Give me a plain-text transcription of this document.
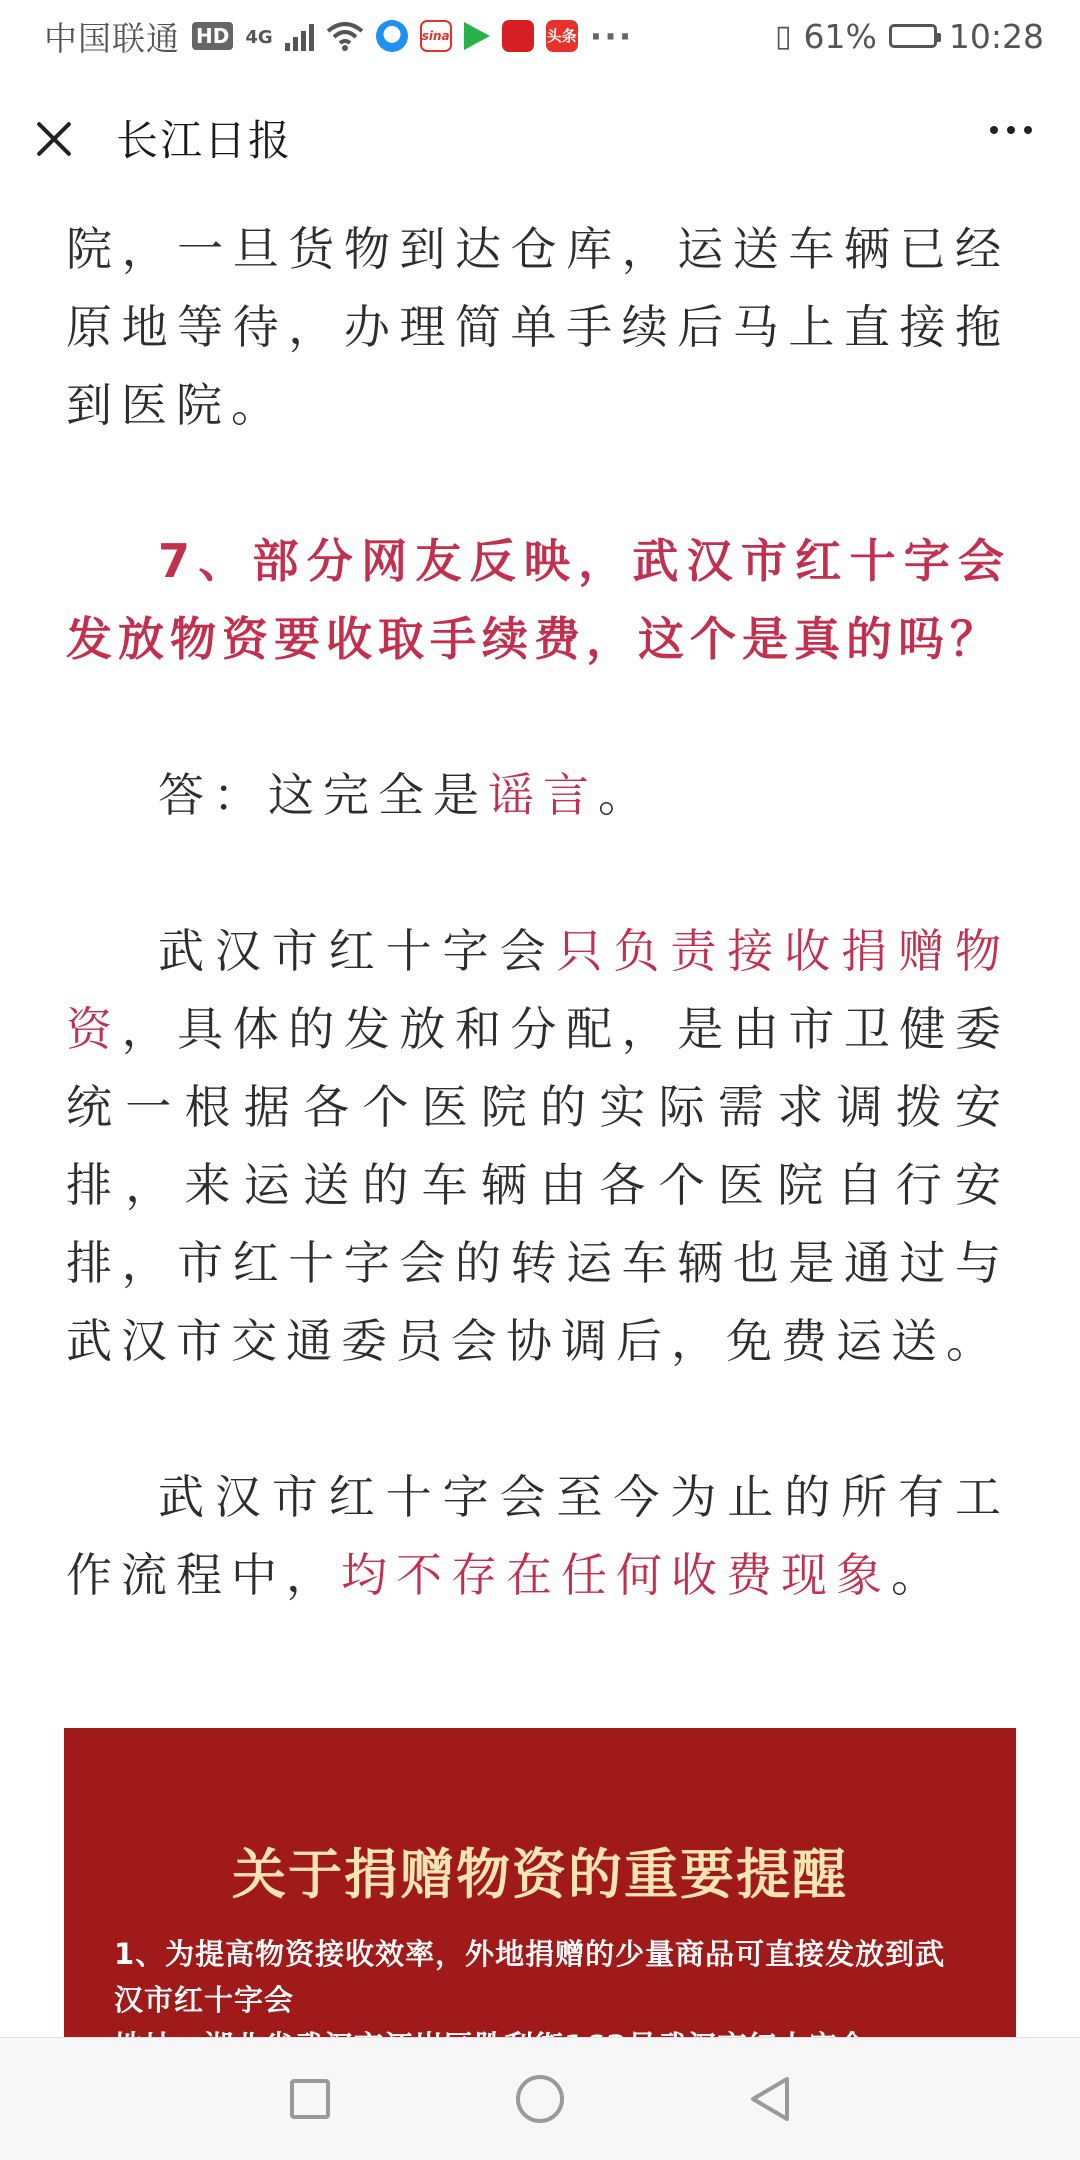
中国联通 HD 4G	sina	头条 ···	▯ 61% 10:28
长江日报

院，一旦货物到达仓库，运送车辆已经原地等待，办理简单手续后马上直接拖到医院。

7、部分网友反映，武汉市红十字会发放物资要收取手续费，这个是真的吗？

答：这完全是谣言。

武汉市红十字会只负责接收捐赠物资，具体的发放和分配，是由市卫健委统一根据各个医院的实际需求调拨安排，来运送的车辆由各个医院自行安排，市红十字会的转运车辆也是通过与武汉市交通委员会协调后，免费运送。

武汉市红十字会至今为止的所有工作流程中，均不存在任何收费现象。

关于捐赠物资的重要提醒
1、为提高物资接收效率，外地捐赠的少量商品可直接发放到武汉市红十字会
